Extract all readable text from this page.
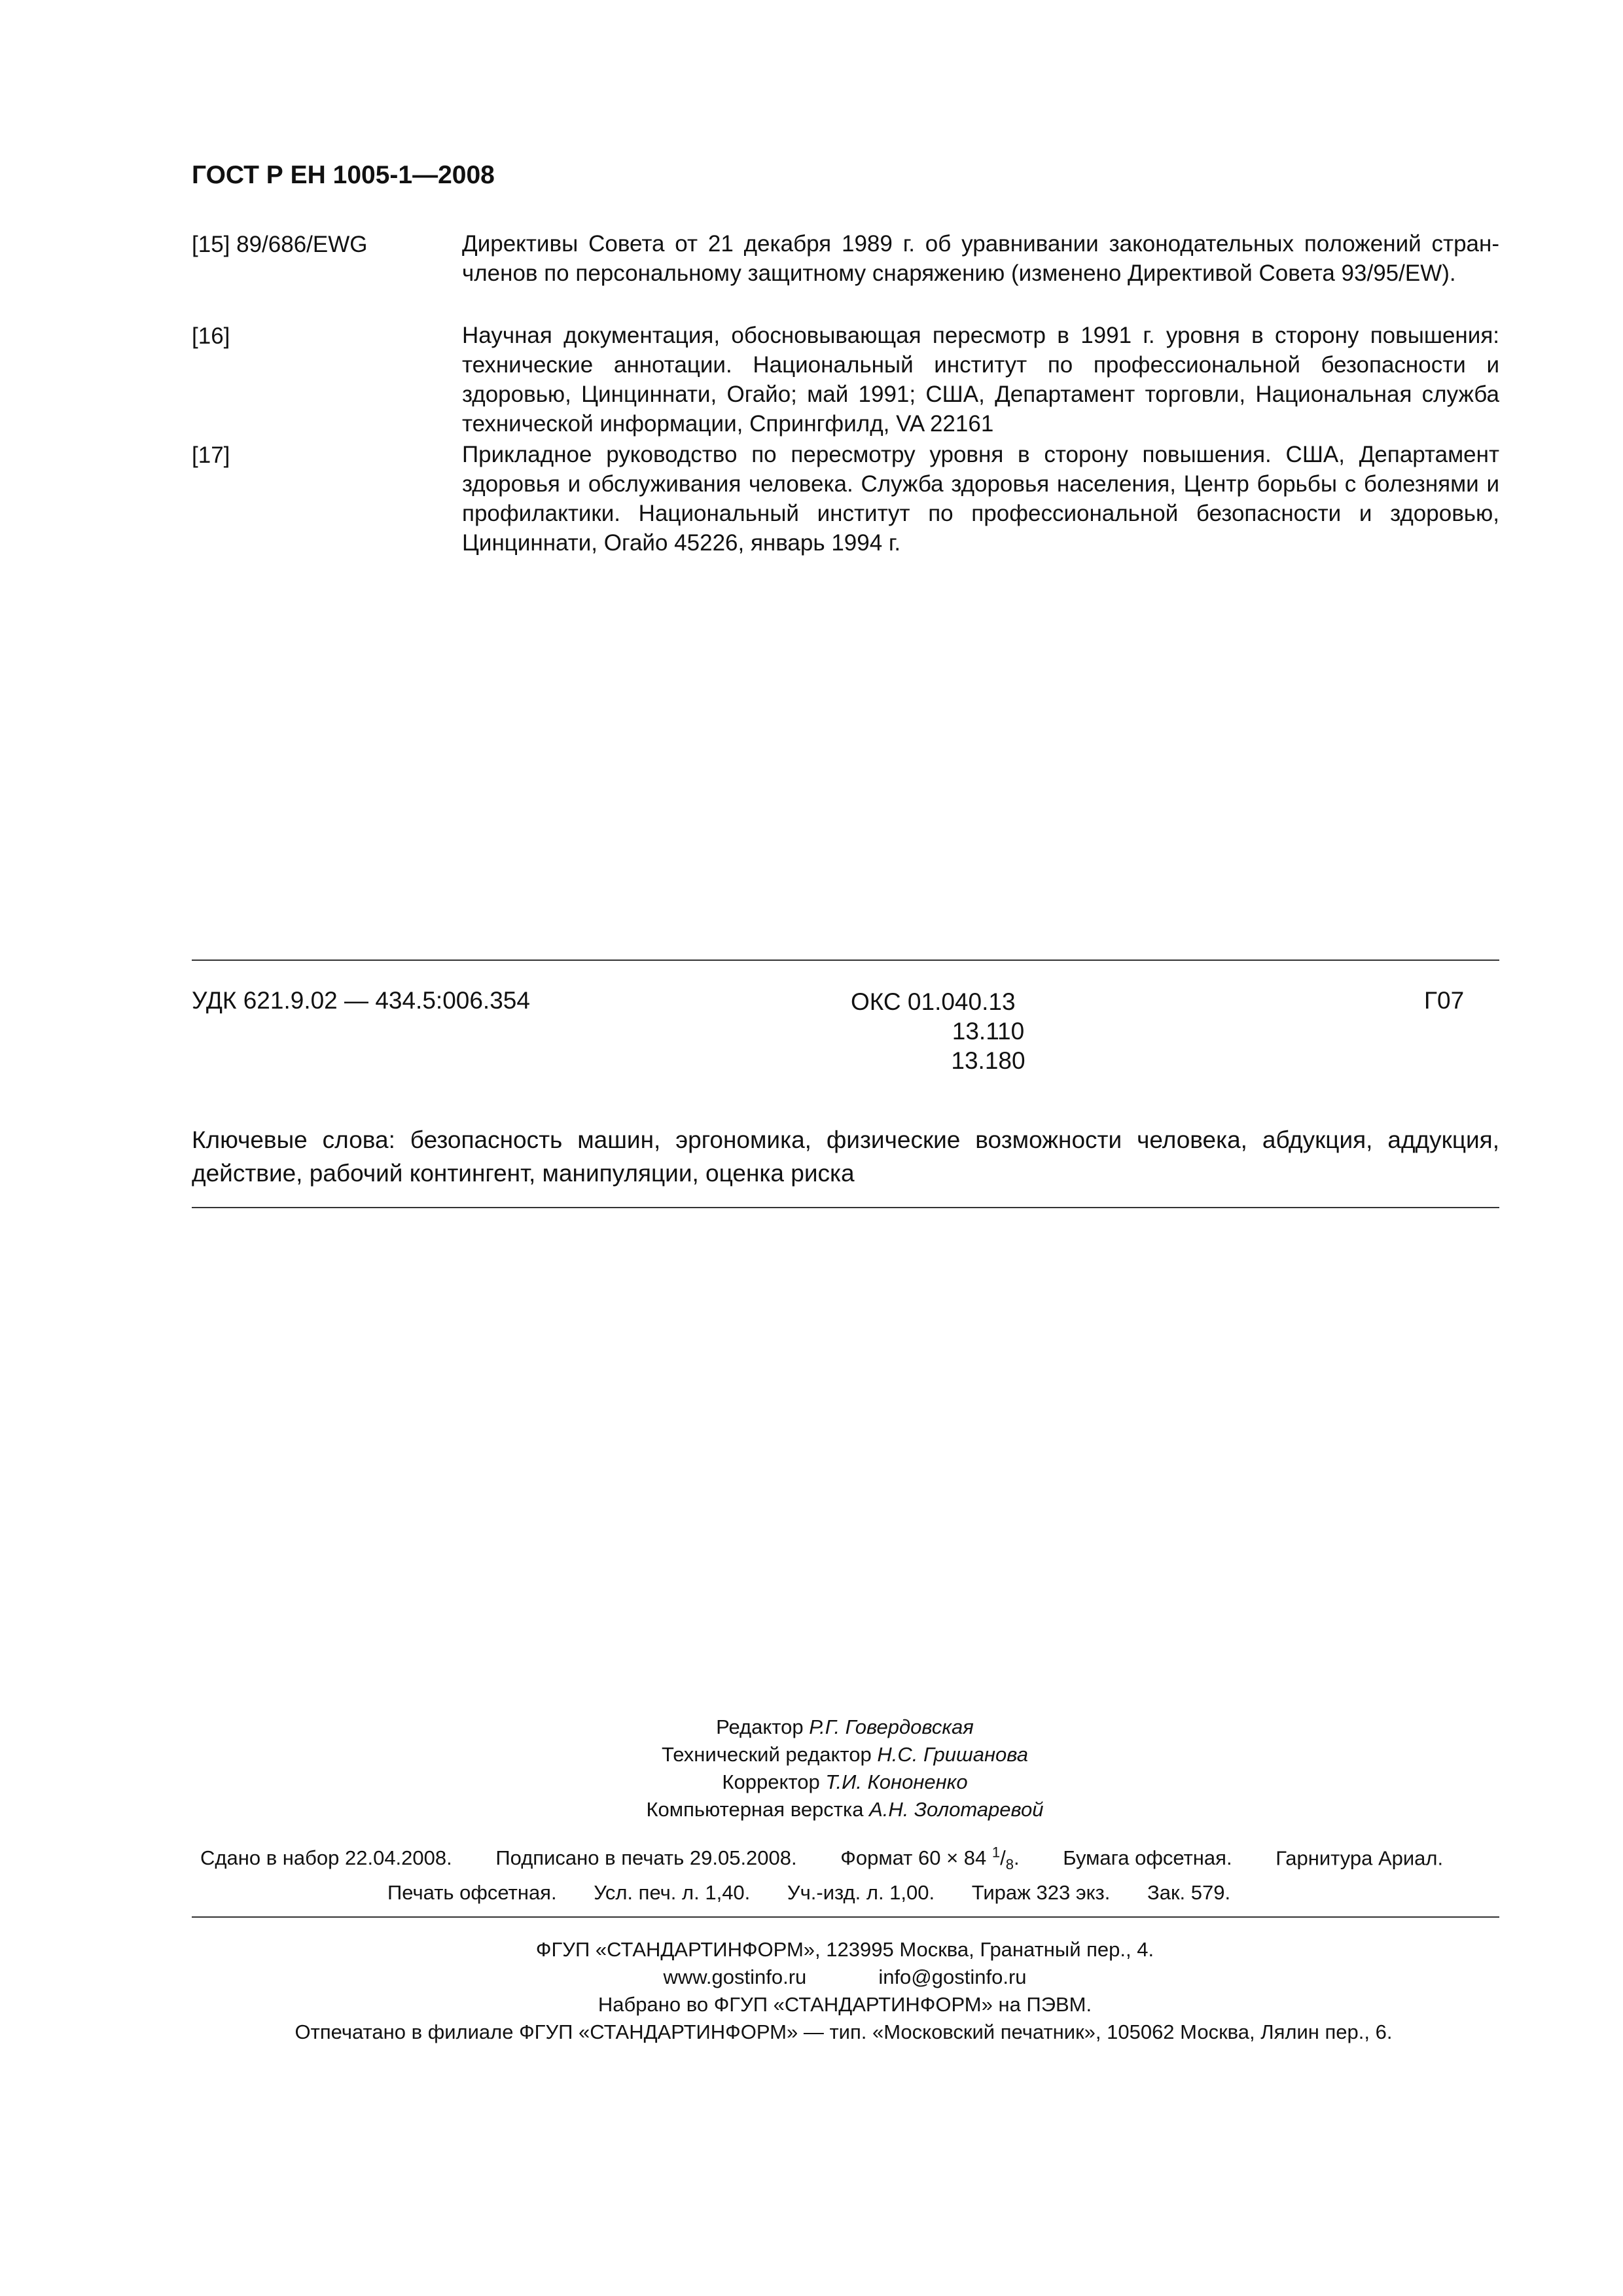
ГОСТ Р ЕН 1005-1—2008
[15] 89/686/EWG	Директивы Совета от 21 декабря 1989 г. об уравнивании законодательных положений стран-членов по персональному защитному снаряжению (изменено Директивой Совета 93/95/EW).
[16]	Научная документация, обосновывающая пересмотр в 1991 г. уровня в сторону повышения: технические аннотации. Национальный институт по профессиональной безопасности и здоровью, Цинциннати, Огайо; май 1991; США, Департамент торговли, Национальная служба технической информации, Спрингфилд, VA 22161
[17]	Прикладное руководство по пересмотру уровня в сторону повышения. США, Департамент здоровья и обслуживания человека. Служба здоровья населения, Центр борьбы с болезнями и профилактики. Национальный институт по профессиональной безопасности и здоровью, Цинциннати, Огайо 45226, январь 1994 г.
УДК 621.9.02 — 434.5:006.354	ОКС 01.040.13
13.110
13.180
Г07
Ключевые слова: безопасность машин, эргономика, физические возможности человека, абдукция, аддукция, действие, рабочий контингент, манипуляции, оценка риска
Редактор Р.Г. Говердовская
Технический редактор Н.С. Гришанова
Корректор Т.И. Кононенко
Компьютерная верстка А.Н. Золотаревой
Сдано в набор 22.04.2008. Подписано в печать 29.05.2008. Формат 60 × 84 $^1/_8$. Бумага офсетная. Гарнитура Ариал.
Печать офсетная. Усл. печ. л. 1,40. Уч.-изд. л. 1,00. Тираж 323 экз. Зак. 579.
ФГУП «СТАНДАРТИНФОРМ», 123995 Москва, Гранатный пер., 4.
www.gostinfo.ru	info@gostinfo.ru
Набрано во ФГУП «СТАНДАРТИНФОРМ» на ПЭВМ.
Отпечатано в филиале ФГУП «СТАНДАРТИНФОРМ» — тип. «Московский печатник», 105062 Москва, Лялин пер., 6.
